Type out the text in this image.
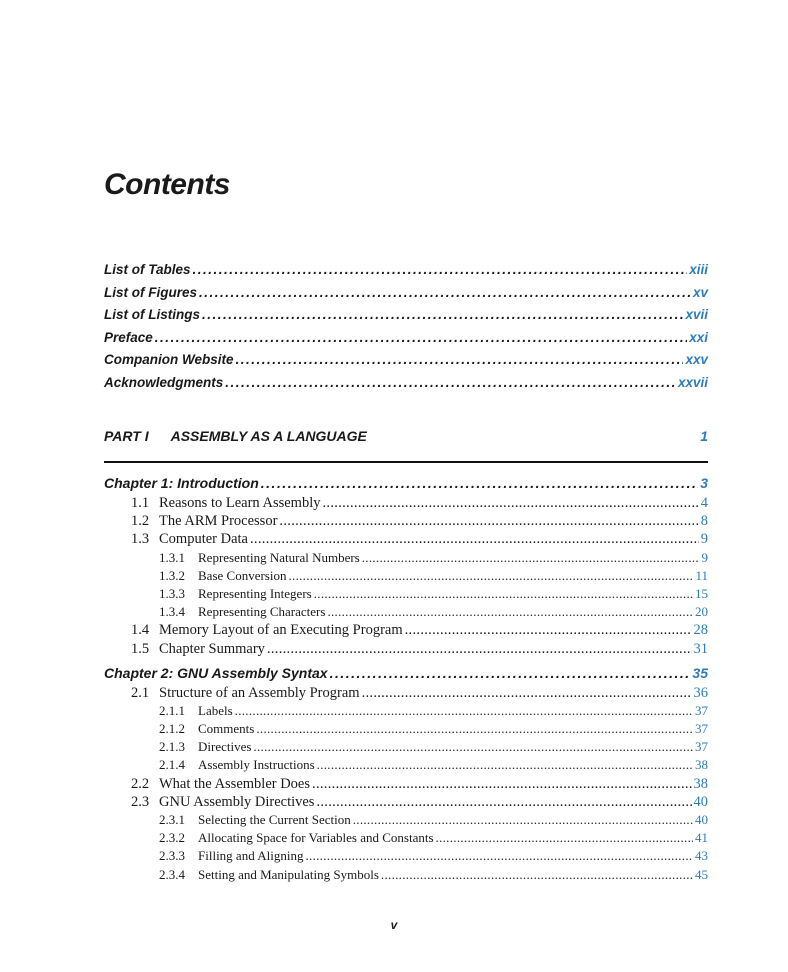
Contents
List of Tables .....	xiii
List of Figures .....	xv
List of Listings .....	xvii
Preface .....	xxi
Companion Website .....	xxv
Acknowledgments .....	xxvii
PART I ASSEMBLY AS A LANGUAGE	1
Chapter 1: Introduction .....	3
1.1 Reasons to Learn Assembly .....	4
1.2 The ARM Processor .....	8
1.3 Computer Data .....	9
1.3.1 Representing Natural Numbers .....	9
1.3.2 Base Conversion .....	11
1.3.3 Representing Integers .....	15
1.3.4 Representing Characters .....	20
1.4 Memory Layout of an Executing Program .....	28
1.5 Chapter Summary .....	31
Chapter 2: GNU Assembly Syntax .....	35
2.1 Structure of an Assembly Program .....	36
2.1.1 Labels .....	37
2.1.2 Comments .....	37
2.1.3 Directives .....	37
2.1.4 Assembly Instructions .....	38
2.2 What the Assembler Does .....	38
2.3 GNU Assembly Directives .....	40
2.3.1 Selecting the Current Section .....	40
2.3.2 Allocating Space for Variables and Constants .....	41
2.3.3 Filling and Aligning .....	43
2.3.4 Setting and Manipulating Symbols .....	45
v
